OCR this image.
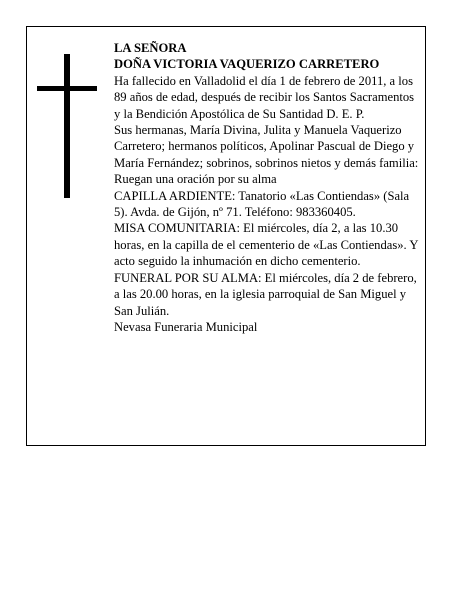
LA SEÑORA

DOÑA VICTORIA VAQUERIZO CARRETERO

Ha fallecido en Valladolid el día 1 de febrero de 2011, a los 89 años de edad, después de recibir los Santos Sacramentos y la Bendición Apostólica de Su Santidad D. E. P.

Sus hermanas, María Divina, Julita y Manuela Vaquerizo Carretero; hermanos políticos, Apolinar Pascual de Diego y María Fernández; sobrinos, sobrinos nietos y demás familia:

Ruegan una oración por su alma

CAPILLA ARDIENTE: Tanatorio «Las Contiendas» (Sala 5). Avda. de Gijón, nº 71. Teléfono: 983360405.

MISA COMUNITARIA: El miércoles, día 2, a las 10.30 horas, en la capilla de el cementerio de «Las Contiendas». Y acto seguido la inhumación en dicho cementerio.

FUNERAL POR SU ALMA: El miércoles, día 2 de febrero, a las 20.00 horas, en la iglesia parroquial de San Miguel y San Julián.

Nevasa Funeraria Municipal
